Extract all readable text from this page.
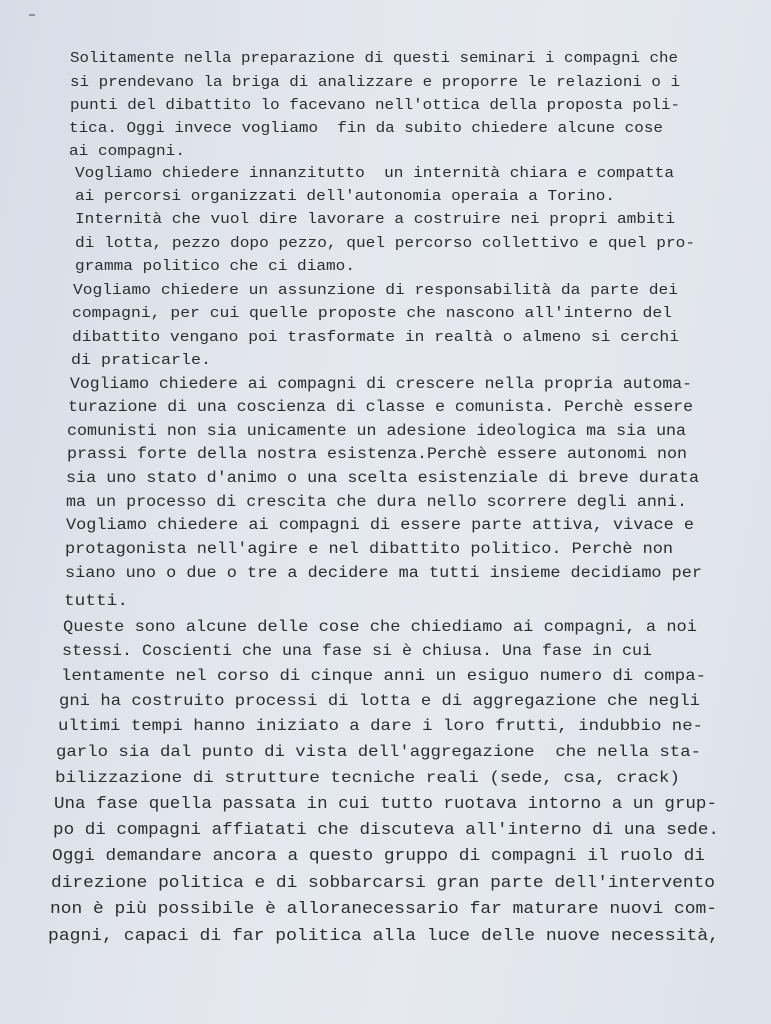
Solitamente nella preparazione di questi seminari i compagni che
si prendevano la briga di analizzare e proporre le relazioni o i
punti del dibattito lo facevano nell'ottica della proposta poli-
tica. Oggi invece vogliamo  fin da subito chiedere alcune cose
ai compagni.
Vogliamo chiedere innanzitutto  un internità chiara e compatta
ai percorsi organizzati dell'autonomia operaia a Torino.
Internità che vuol dire lavorare a costruire nei propri ambiti
di lotta, pezzo dopo pezzo, quel percorso collettivo e quel pro-
gramma politico che ci diamo.
Vogliamo chiedere un assunzione di responsabilità da parte dei
compagni, per cui quelle proposte che nascono all'interno del
dibattito vengano poi trasformate in realtà o almeno si cerchi
di praticarle.
Vogliamo chiedere ai compagni di crescere nella propria automa-
turazione di una coscienza di classe e comunista. Perchè essere
comunisti non sia unicamente un adesione ideologica ma sia una
prassi forte della nostra esistenza.Perchè essere autonomi non
sia uno stato d'animo o una scelta esistenziale di breve durata
ma un processo di crescita che dura nello scorrere degli anni.
Vogliamo chiedere ai compagni di essere parte attiva, vivace e
protagonista nell'agire e nel dibattito politico. Perchè non
siano uno o due o tre a decidere ma tutti insieme decidiamo per
tutti.
Queste sono alcune delle cose che chiediamo ai compagni, a noi
stessi. Coscienti che una fase si è chiusa. Una fase in cui
lentamente nel corso di cinque anni un esiguo numero di compa-
gni ha costruito processi di lotta e di aggregazione che negli
ultimi tempi hanno iniziato a dare i loro frutti, indubbio ne-
garlo sia dal punto di vista dell'aggregazione  che nella sta-
bilizzazione di strutture tecniche reali (sede, csa, crack)
Una fase quella passata in cui tutto ruotava intorno a un grup-
po di compagni affiatati che discuteva all'interno di una sede.
Oggi demandare ancora a questo gruppo di compagni il ruolo di
direzione politica e di sobbarcarsi gran parte dell'intervento
non è più possibile è alloranecessario far maturare nuovi com-
pagni, capaci di far politica alla luce delle nuove necessità,
